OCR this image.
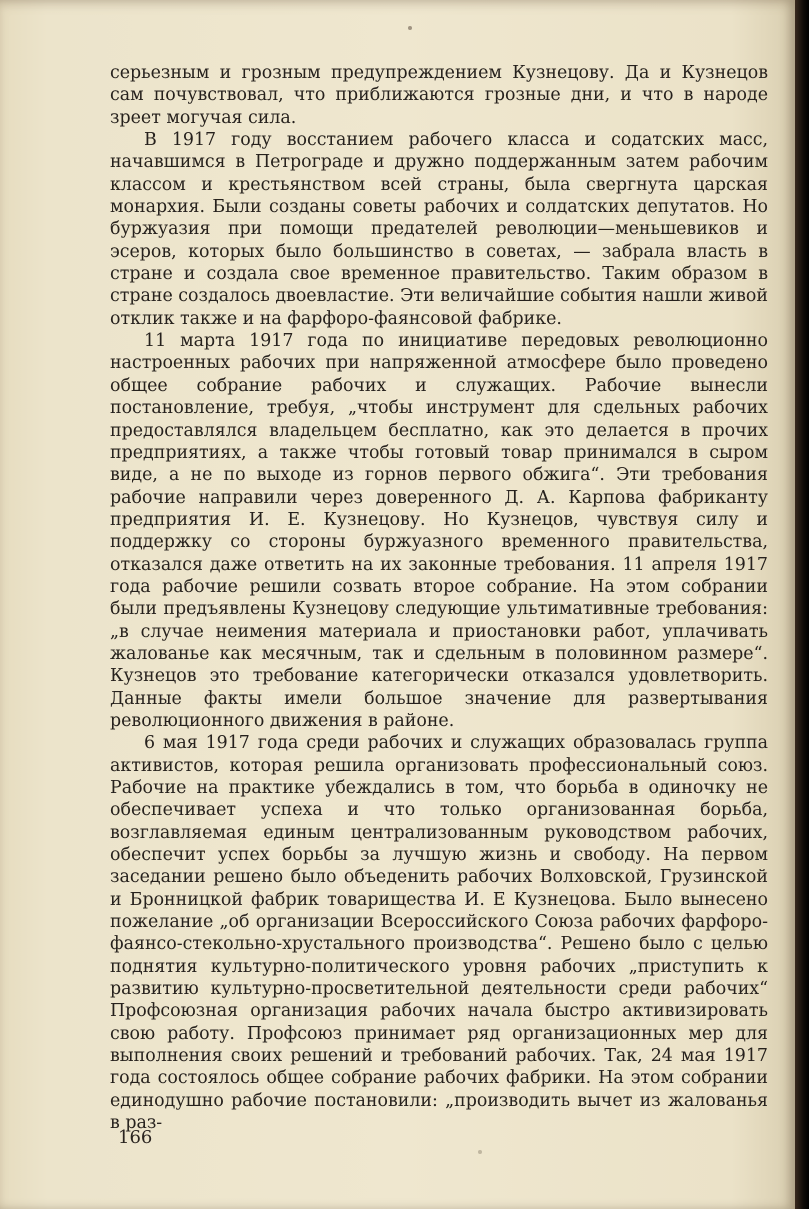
серьезным и грозным предупреждением Кузнецову. Да и Кузнецов сам почувствовал, что приближаются грозные дни, и что в народе зреет могучая сила.

В 1917 году восстанием рабочего класса и содатских масс, начавшимся в Петрограде и дружно поддержанным затем рабочим классом и крестьянством всей страны, была свергнута царская монархия. Были созданы советы рабочих и солдатских депутатов. Но буржуазия при помощи предателей революции—меньшевиков и эсеров, которых было большинство в советах, — забрала власть в стране и создала свое временное правительство. Таким образом в стране создалось двоевластие. Эти величайшие события нашли живой отклик также и на фарфоро-фаянсовой фабрике.

11 марта 1917 года по инициативе передовых революционно настроенных рабочих при напряженной атмосфере было проведено общее собрание рабочих и служащих. Рабочие вынесли постановление, требуя, „чтобы инструмент для сдельных рабочих предоставлялся владельцем бесплатно, как это делается в прочих предприятиях, а также чтобы готовый товар принимался в сыром виде, а не по выходе из горнов первого обжига“. Эти требования рабочие направили через доверенного Д. А. Карпова фабриканту предприятия И. Е. Кузнецову. Но Кузнецов, чувствуя силу и поддержку со стороны буржуазного временного правительства, отказался даже ответить на их законные требования. 11 апреля 1917 года рабочие решили созвать второе собрание. На этом собрании были предъявлены Кузнецову следующие ультимативные требования: „в случае неимения материала и приостановки работ, уплачивать жалованье как месячным, так и сдельным в половинном размере“. Кузнецов это требование категорически отказался удовлетворить. Данные факты имели большое значение для развертывания революционного движения в районе.

6 мая 1917 года среди рабочих и служащих образовалась группа активистов, которая решила организовать профессиональный союз. Рабочие на практике убеждались в том, что борьба в одиночку не обеспечивает успеха и что только организованная борьба, возглавляемая единым централизованным руководством рабочих, обеспечит успех борьбы за лучшую жизнь и свободу. На первом заседании решено было объеденить рабочих Волховской, Грузинской и Бронницкой фабрик товарищества И. Е Кузнецова. Было вынесено пожелание „об организации Всероссийского Союза рабочих фарфоро-фаянсо-стекольно-хрустального производства“. Решено было с целью поднятия культурно-политического уровня рабочих „приступить к развитию культурно-просветительной деятельности среди рабочих“ Профсоюзная организация рабочих начала быстро активизировать свою работу. Профсоюз принимает ряд организационных мер для выполнения своих решений и требований рабочих. Так, 24 мая 1917 года состоялось общее собрание рабочих фабрики. На этом собрании единодушно рабочие постановили: „производить вычет из жалованья в раз-

166
